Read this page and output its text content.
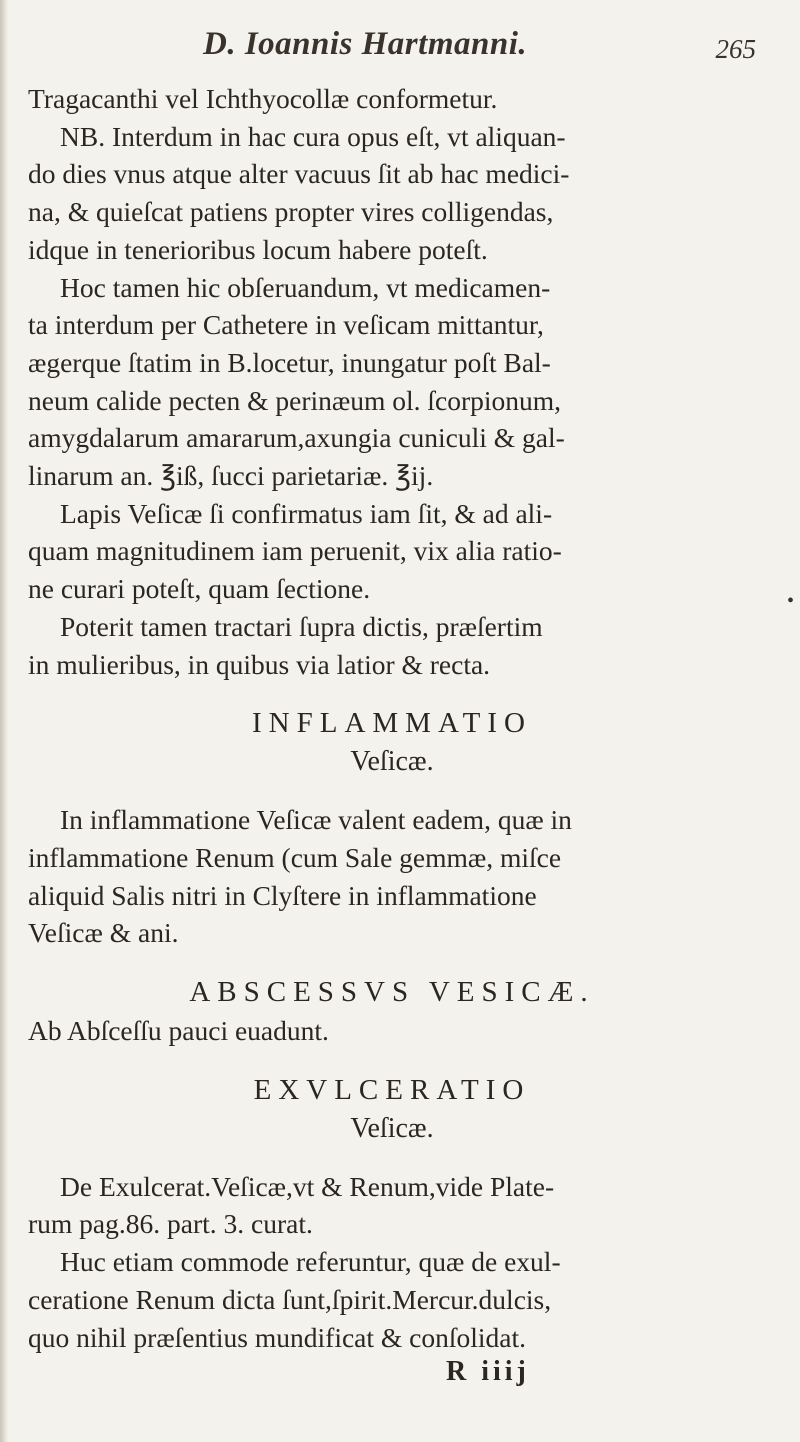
D. Ioannis Hartmanni.	265

Tragacanthi vel Ichthyocollæ conformetur.

NB. Interdum in hac cura opus eſt, vt aliquan-
do dies vnus atque alter vacuus ſit ab hac medici-
na, & quieſcat patiens propter vires colligendas,
idque in tenerioribus locum habere poteſt.

Hoc tamen hic obſeruandum, vt medicamen-
ta interdum per Cathetere in veſicam mittantur,
ægerque ſtatim in B.locetur, inungatur poſt Bal-
neum calide pecten & perinæum ol. ſcorpionum,
amygdalarum amararum,axungia cuniculi & gal-
linarum an. ℥iß, ſucci parietariæ. ℥ij.

Lapis Veſicæ ſi confirmatus iam ſit, & ad ali-
quam magnitudinem iam peruenit, vix alia ratio-
ne curari poteſt, quam ſectione.

Poterit tamen tractari ſupra dictis, præſertim
in mulieribus, in quibus via latior & recta.

INFLAMMATIO
Veſicæ.

In inflammatione Veſicæ valent eadem, quæ in
inflammatione Renum (cum Sale gemmæ, miſce
aliquid Salis nitri in Clyſtere in inflammatione
Veſicæ & ani.

ABSCESSVS VESICÆ.

Ab Abſceſſu pauci euadunt.

EXVLCERATIO
Veſicæ.

De Exulcerat.Veſicæ,vt & Renum,vide Plate-
rum pag.86. part. 3. curat.

Huc etiam commode referuntur, quæ de exul-
ceratione Renum dicta ſunt,ſpirit.Mercur.dulcis,
quo nihil præſentius mundificat & conſolidat.

R iiij
•
